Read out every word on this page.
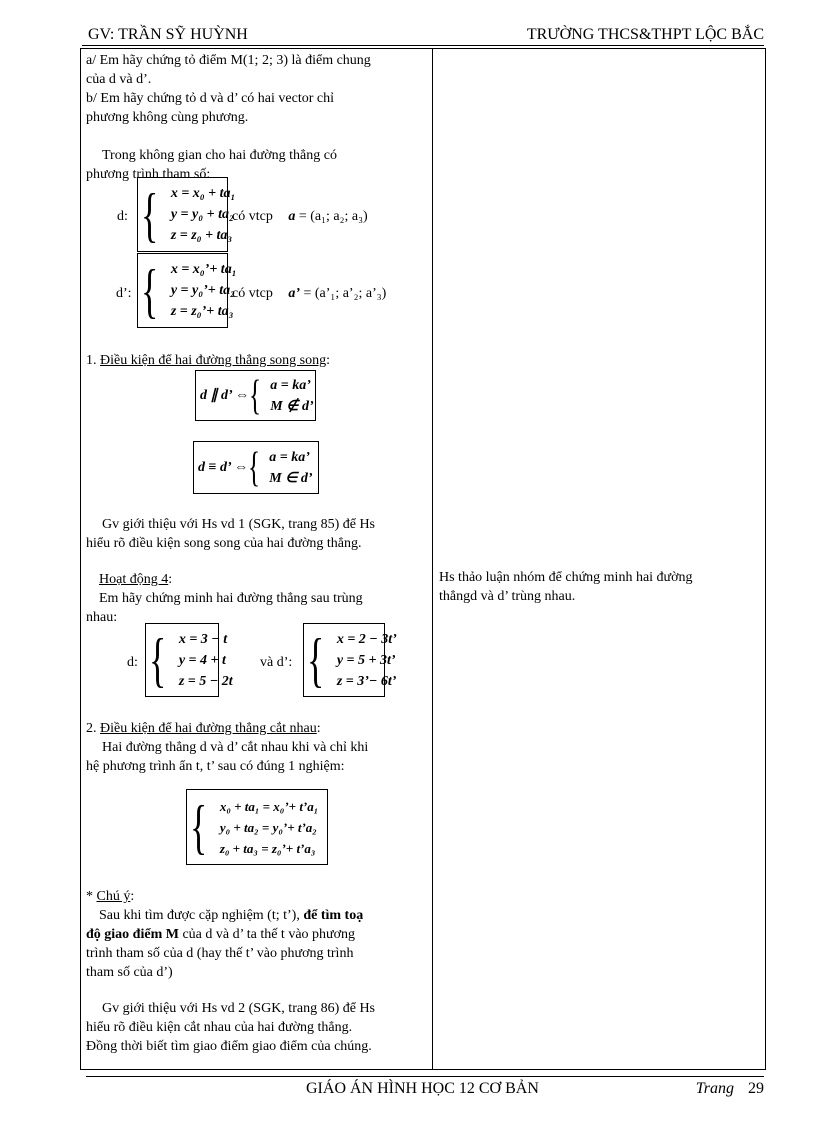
GV: TRẦN SỸ HUỲNH	TRƯỜNG THCS&THPT LỘC BẮC
a/ Em hãy chứng tỏ điểm M(1; 2; 3) là điểm chung
của d và d’.
b/ Em hãy chứng tỏ d và d’ có hai vector chỉ
phương không cùng phương.
Trong không gian cho hai đường thẳng có
phương trình tham số:
d: { x = x₀ + ta₁
y = y₀ + ta₂
z = z₀ + ta₃
có vtcp a = (a₁; a₂; a₃)
d’: { x = x₀’+ ta₁
y = y₀’+ ta₂
z = z₀’+ ta₃
có vtcp a’ = (a’₁; a’₂; a’₃)
1. Điều kiện để hai đường thẳng song song:
d ∥ d’ ⇔ { a = ka’
M ∉ d’
d ≡ d’ ⇔ { a = ka’
M ∈ d’
Gv giới thiệu với Hs vd 1 (SGK, trang 85) để Hs
hiểu rõ điều kiện song song của hai đường thẳng.
Hoạt động 4:
Em hãy chứng minh hai đường thẳng sau trùng
nhau:
d: { x = 3 − t
y = 4 + t
z = 5 − 2t
và d’: { x = 2 − 3t’
y = 5 + 3t’
z = 3’− 6t’
2. Điều kiện để hai đường thẳng cắt nhau:
Hai đường thẳng d và d’ cắt nhau khi và chỉ khi
hệ phương trình ẩn t, t’ sau có đúng 1 nghiệm:
{ x₀ + ta₁ = x₀’+ t’a₁
y₀ + ta₂ = y₀’+ t’a₂
z₀ + ta₃ = z₀’+ t’a₃
* Chú ý:
Sau khi tìm được cặp nghiệm (t; t’), để tìm toạ
độ giao điểm M của d và d’ ta thế t vào phương
trình tham số của d (hay thế t’ vào phương trình
tham số của d’)
Gv giới thiệu với Hs vd 2 (SGK, trang 86) để Hs
hiểu rõ điều kiện cắt nhau của hai đường thẳng.
Đồng thời biết tìm giao điểm giao điểm của chúng.
Hs thảo luận nhóm để chứng minh hai đường
thẳngd và d’ trùng nhau.
GIÁO ÁN HÌNH HỌC 12 CƠ BẢN	Trang 29
